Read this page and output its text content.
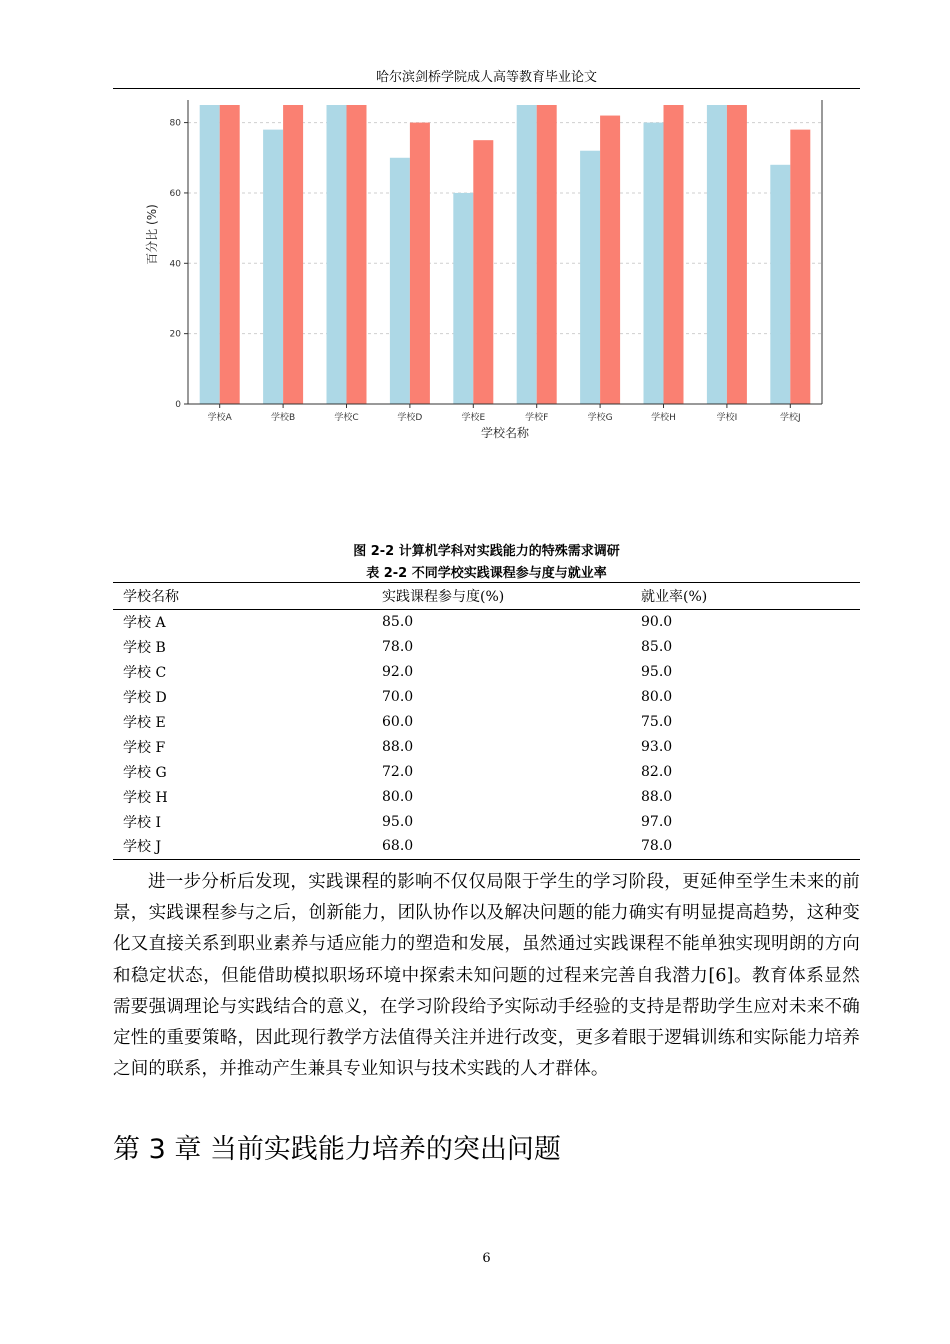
哈尔滨剑桥学院成人高等教育毕业论文
0
20
40
60
80
学校A	学校B	学校C	学校D	学校E	学校F	学校G	学校H	学校I	学校J
学校名称
百分比 (%)
图 2-2 计算机学科对实践能力的特殊需求调研
表 2-2 不同学校实践课程参与度与就业率
学校名称	实践课程参与度(%)	就业率(%)
学校 A	85.0	90.0
学校 B	78.0	85.0
学校 C	92.0	95.0
学校 D	70.0	80.0
学校 E	60.0	75.0
学校 F	88.0	93.0
学校 G	72.0	82.0
学校 H	80.0	88.0
学校 I	95.0	97.0
学校 J	68.0	78.0

进一步分析后发现，实践课程的影响不仅仅局限于学生的学习阶段，更延伸至学生未来的前景，实践课程参与之后，创新能力，团队协作以及解决问题的能力确实有明显提高趋势，这种变化又直接关系到职业素养与适应能力的塑造和发展，虽然通过实践课程不能单独实现明朗的方向和稳定状态，但能借助模拟职场环境中探索未知问题的过程来完善自我潜力[6]。教育体系显然需要强调理论与实践结合的意义，在学习阶段给予实际动手经验的支持是帮助学生应对未来不确定性的重要策略，因此现行教学方法值得关注并进行改变，更多着眼于逻辑训练和实际能力培养之间的联系，并推动产生兼具专业知识与技术实践的人才群体。

第 3 章 当前实践能力培养的突出问题
6
